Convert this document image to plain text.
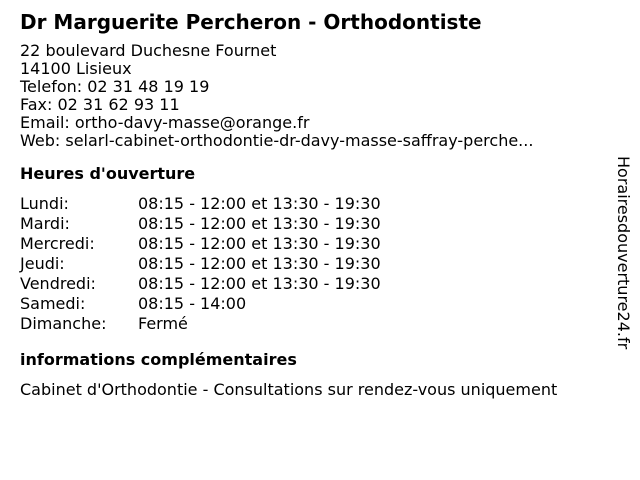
Dr Marguerite Percheron - Orthodontiste
22 boulevard Duchesne Fournet
14100 Lisieux
Telefon: 02 31 48 19 19
Fax: 02 31 62 93 11
Email: ortho-davy-masse@orange.fr
Web: selarl-cabinet-orthodontie-dr-davy-masse-saffray-perche...
Heures d'ouverture
Lundi:	08:15 - 12:00 et 13:30 - 19:30
Mardi:	08:15 - 12:00 et 13:30 - 19:30
Mercredi:	08:15 - 12:00 et 13:30 - 19:30
Jeudi:	08:15 - 12:00 et 13:30 - 19:30
Vendredi:	08:15 - 12:00 et 13:30 - 19:30
Samedi:	08:15 - 14:00
Dimanche:	Fermé
informations complémentaires
Cabinet d'Orthodontie - Consultations sur rendez-vous uniquement
Horairesdouverture24.fr
